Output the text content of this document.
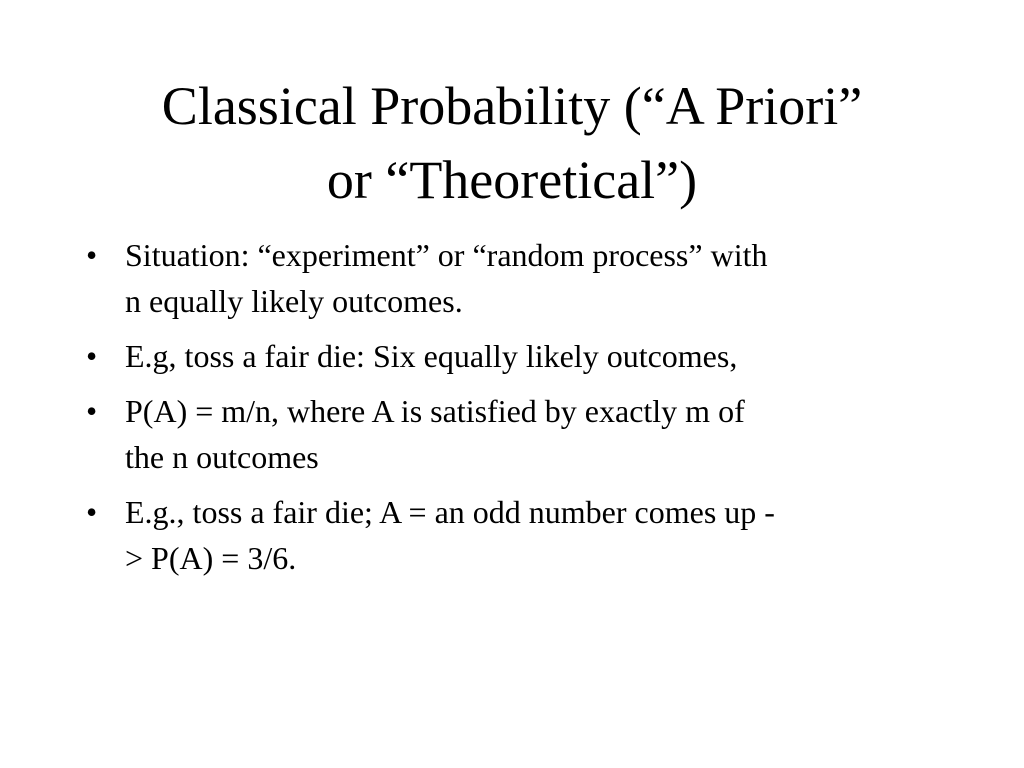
Classical Probability (“A Priori”
or “Theoretical”)
• Situation: “experiment” or “random process” with
n equally likely outcomes.
• E.g, toss a fair die: Six equally likely outcomes,
• P(A) = m/n, where A is satisfied by exactly m of
the n outcomes
• E.g., toss a fair die; A = an odd number comes up -
> P(A) = 3/6.
